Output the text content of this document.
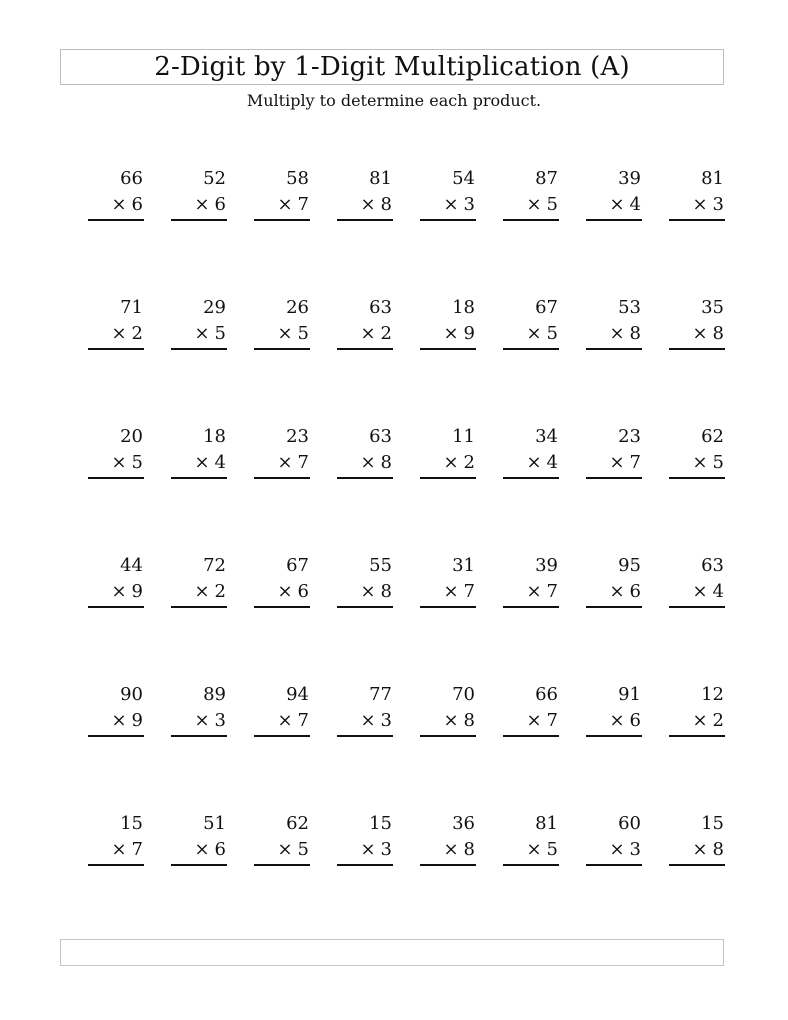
2-Digit by 1-Digit Multiplication (A)
Multiply to determine each product.
66
× 6
52
× 6
58
× 7
81
× 8
54
× 3
87
× 5
39
× 4
81
× 3
71
× 2
29
× 5
26
× 5
63
× 2
18
× 9
67
× 5
53
× 8
35
× 8
20
× 5
18
× 4
23
× 7
63
× 8
11
× 2
34
× 4
23
× 7
62
× 5
44
× 9
72
× 2
67
× 6
55
× 8
31
× 7
39
× 7
95
× 6
63
× 4
90
× 9
89
× 3
94
× 7
77
× 3
70
× 8
66
× 7
91
× 6
12
× 2
15
× 7
51
× 6
62
× 5
15
× 3
36
× 8
81
× 5
60
× 3
15
× 8
